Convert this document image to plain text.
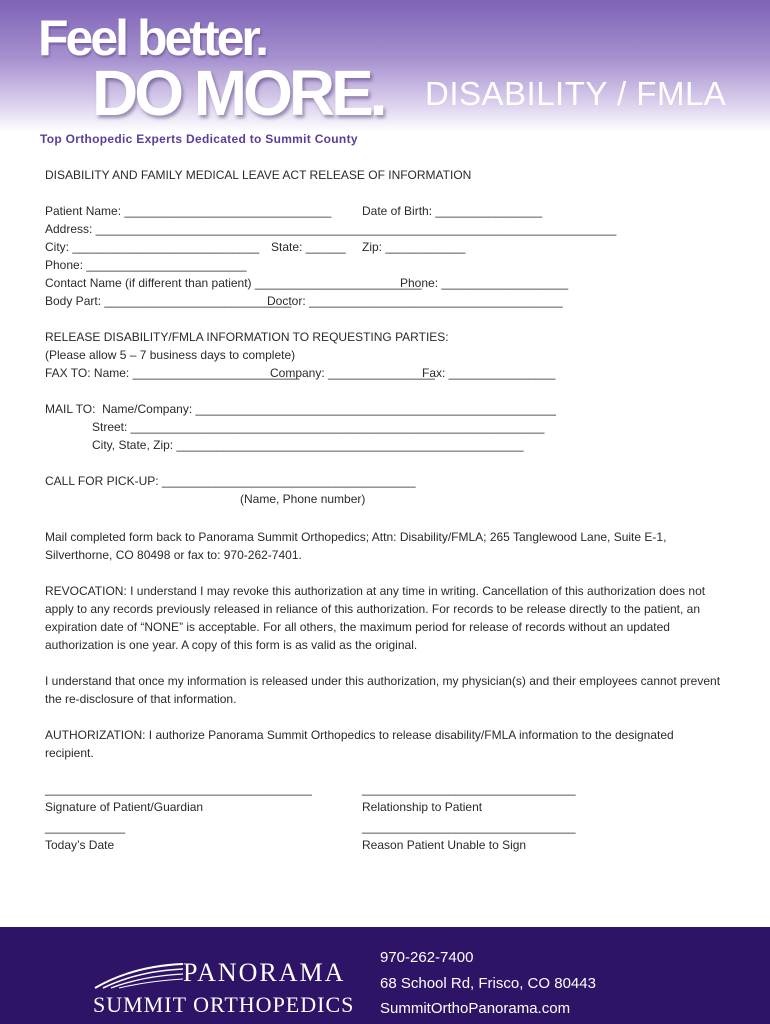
Feel better.
DO MORE. DISABILITY / FMLA
Top Orthopedic Experts Dedicated to Summit County
DISABILITY AND FAMILY MEDICAL LEAVE ACT RELEASE OF INFORMATION
Patient Name: _______________________________	Date of Birth: ________________
Address: ______________________________________________________________________________
City: ____________________________ State: ______ Zip: ____________
Phone: ________________________
Contact Name (if different than patient) _________________________
Phone: ___________________
Body Part: ____________________________
Doctor: ______________________________________
RELEASE DISABILITY/FMLA INFORMATION TO REQUESTING PARTIES:
(Please allow 5 – 7 business days to complete)
FAX TO: Name: _________________________
Company: ________________
Fax: ________________
MAIL TO:  Name/Company: ______________________________________________________
Street: ______________________________________________________________
City, State, Zip: ____________________________________________________
CALL FOR PICK-UP: ______________________________________
(Name, Phone number)
Mail completed form back to Panorama Summit Orthopedics; Attn: Disability/FMLA; 265 Tanglewood Lane, Suite E-1, Silverthorne, CO 80498 or fax to: 970-262-7401.
REVOCATION: I understand I may revoke this authorization at any time in writing. Cancellation of this authorization does not apply to any records previously released in reliance of this authorization. For records to be release directly to the patient, an expiration date of “NONE” is acceptable. For all others, the maximum period for release of records without an updated authorization is one year. A copy of this form is as valid as the original.
I understand that once my information is released under this authorization, my physician(s) and their employees cannot prevent the re-disclosure of that information.
AUTHORIZATION: I authorize Panorama Summit Orthopedics to release disability/FMLA information to the designated recipient.
________________________________________
Signature of Patient/Guardian
________________________________
Relationship to Patient
____________
Today’s Date
________________________________
Reason Patient Unable to Sign
PANORAMA
SUMMIT ORTHOPEDICS
970-262-7400
68 School Rd, Frisco, CO 80443
SummitOrthoPanorama.com
